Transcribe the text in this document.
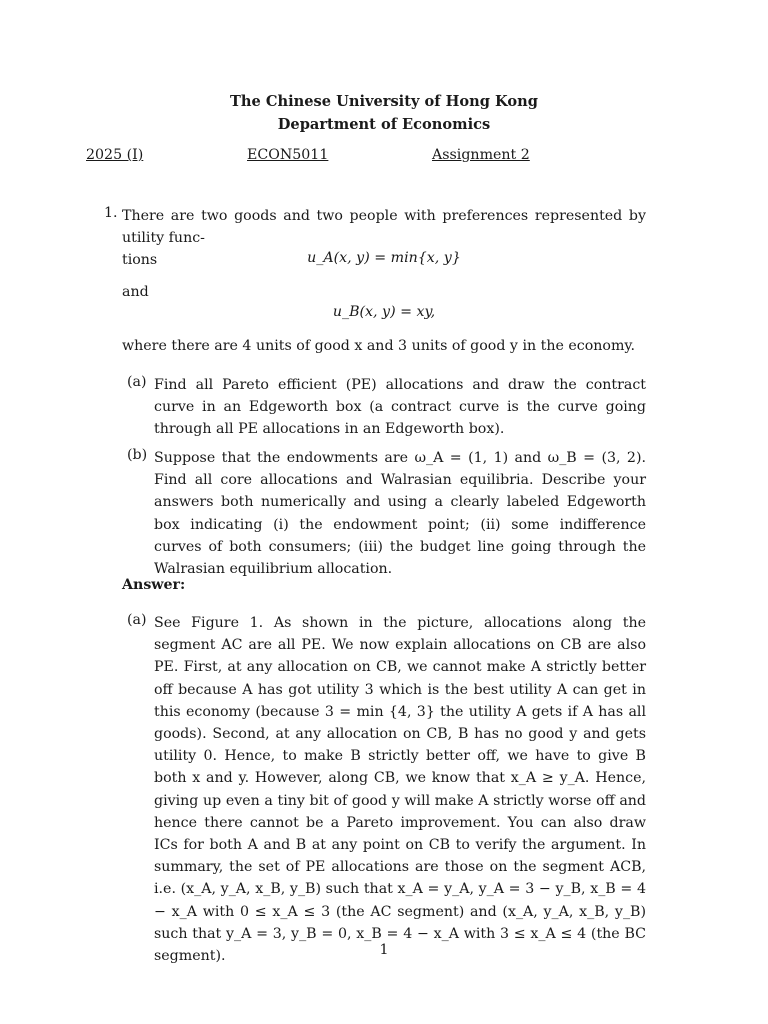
The Chinese University of Hong Kong
Department of Economics
2025 (I)	ECON5011	Assignment 2
1. There are two goods and two people with preferences represented by utility func-
tions	u_A(x, y) = min{x, y}
and
u_B(x, y) = xy,
where there are 4 units of good x and 3 units of good y in the economy.
(a) Find all Pareto efficient (PE) allocations and draw the contract curve in an Edgeworth box (a contract curve is the curve going through all PE allocations in an Edgeworth box).
(b) Suppose that the endowments are ω_A = (1, 1) and ω_B = (3, 2). Find all core allocations and Walrasian equilibria. Describe your answers both numerically and using a clearly labeled Edgeworth box indicating (i) the endowment point; (ii) some indifference curves of both consumers; (iii) the budget line going through the Walrasian equilibrium allocation.
Answer:
(a) See Figure 1. As shown in the picture, allocations along the segment AC are all PE. We now explain allocations on CB are also PE. First, at any allocation on CB, we cannot make A strictly better off because A has got utility 3 which is the best utility A can get in this economy (because 3 = min {4, 3} the utility A gets if A has all goods). Second, at any allocation on CB, B has no good y and gets utility 0. Hence, to make B strictly better off, we have to give B both x and y. However, along CB, we know that x_A ≥ y_A. Hence, giving up even a tiny bit of good y will make A strictly worse off and hence there cannot be a Pareto improvement. You can also draw ICs for both A and B at any point on CB to verify the argument. In summary, the set of PE allocations are those on the segment ACB, i.e. (x_A, y_A, x_B, y_B) such that x_A = y_A, y_A = 3 − y_B, x_B = 4 − x_A with 0 ≤ x_A ≤ 3 (the AC segment) and (x_A, y_A, x_B, y_B) such that y_A = 3, y_B = 0, x_B = 4 − x_A with 3 ≤ x_A ≤ 4 (the BC segment).	1
